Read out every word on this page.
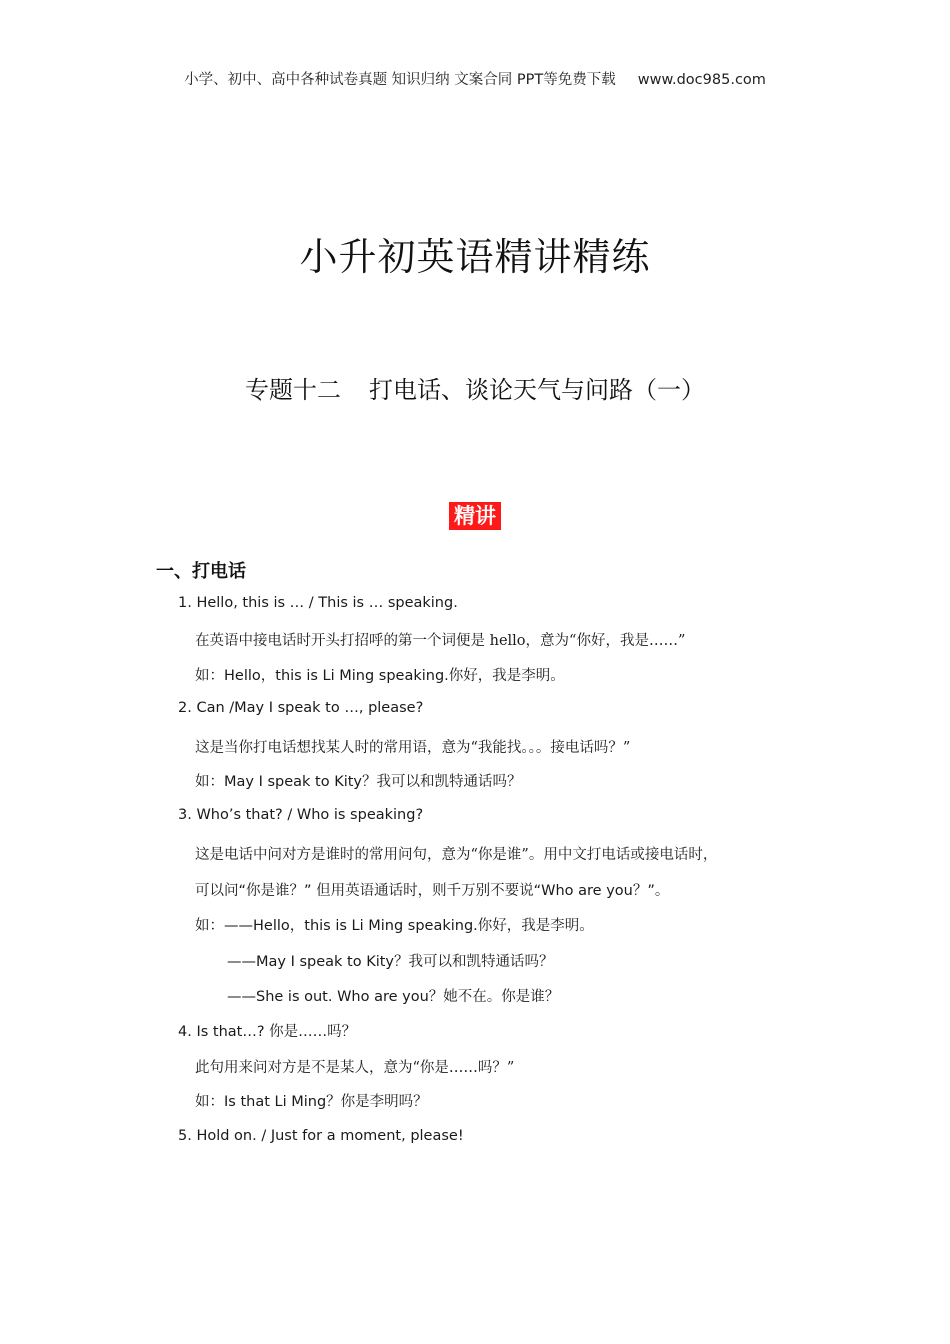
小学、初中、高中各种试卷真题 知识归纳 文案合同 PPT等免费下载 www.doc985.com
小升初英语精讲精练
专题十二 打电话、谈论天气与问路（一）
精讲
一、打电话
1. Hello, this is … / This is … speaking.
在英语中接电话时开头打招呼的第一个词便是 hello，意为“你好，我是……”
如：Hello，this is Li Ming speaking.你好，我是李明。
2. Can /May I speak to …, please?
这是当你打电话想找某人时的常用语，意为“我能找。。。接电话吗？”
如：May I speak to Kity？我可以和凯特通话吗？
3. Who’s that? / Who is speaking?
这是电话中问对方是谁时的常用问句，意为“你是谁”。用中文打电话或接电话时，
可以问“你是谁？” 但用英语通话时，则千万别不要说“Who are you？”。
如：——Hello，this is Li Ming speaking.你好，我是李明。
——May I speak to Kity？我可以和凯特通话吗？
——She is out. Who are you？她不在。你是谁？
4. Is that…? 你是……吗？
此句用来问对方是不是某人，意为“你是……吗？”
如：Is that Li Ming？你是李明吗？
5. Hold on. / Just for a moment, please!
